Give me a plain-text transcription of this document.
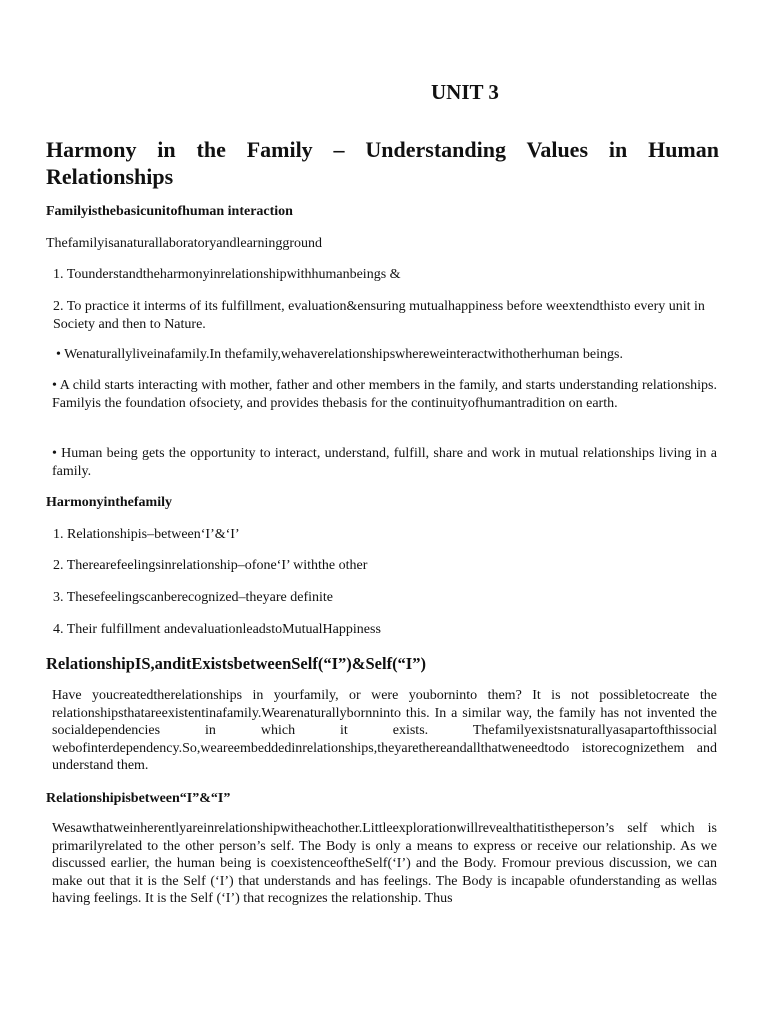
UNIT 3
Harmony in the Family – Understanding Values in Human Relationships
Familyisthebasicunitofhuman interaction
Thefamilyisanaturallaboratoryandlearningground
1. Tounderstandtheharmonyinrelationshipwithhumanbeings &
2. To practice it interms of its fulfillment, evaluation&ensuring mutualhappiness before weextendthisto every unit in Society and then to Nature.
• Wenaturallyliveinafamily.In thefamily,wehaverelationshipswhereweinteractwithotherhuman beings.
• A child starts interacting with mother, father and other members in the family, and starts understanding relationships. Familyis the foundation ofsociety, and provides thebasis for the continuityofhumantradition on earth.
• Human being gets the opportunity to interact, understand, fulfill, share and work in mutual relationships living in a family.
Harmonyinthefamily
1. Relationshipis–between‘I’&‘I’
2. Therearefeelingsinrelationship–ofone‘I’ withthe other
3. Thesefeelingscanberecognized–theyare definite
4. Their fulfillment andevaluationleadstoMutualHappiness
RelationshipIS,anditExistsbetweenSelf(“I”)&Self(“I”)
Have youcreatedtherelationships in yourfamily, or were youborninto them? It is not possibletocreate the relationshipsthatareexistentinafamily.Wearenaturallybornninto this. In a similar way, the family has not invented the socialdependencies in which it exists. Thefamilyexistsnaturallyasapartofthissocial webofinterdependency.So,weareembeddedinrelationships,theyarethereandallthatweneedtodo istorecognizethem and understand them.
Relationshipisbetween“I”&“I”
Wesawthatweinherentlyareinrelationshipwitheachother.Littleexplorationwillrevealthatitistheperson’s self which is primarilyrelated to the other person’s self. The Body is only a means to express or receive our relationship. As we discussed earlier, the human being is coexistenceoftheSelf(‘I’) and the Body. Fromour previous discussion, we can make out that it is the Self (‘I’) that understands and has feelings. The Body is incapable ofunderstanding as wellas having feelings. It is the Self (‘I’) that recognizes the relationship. Thus
